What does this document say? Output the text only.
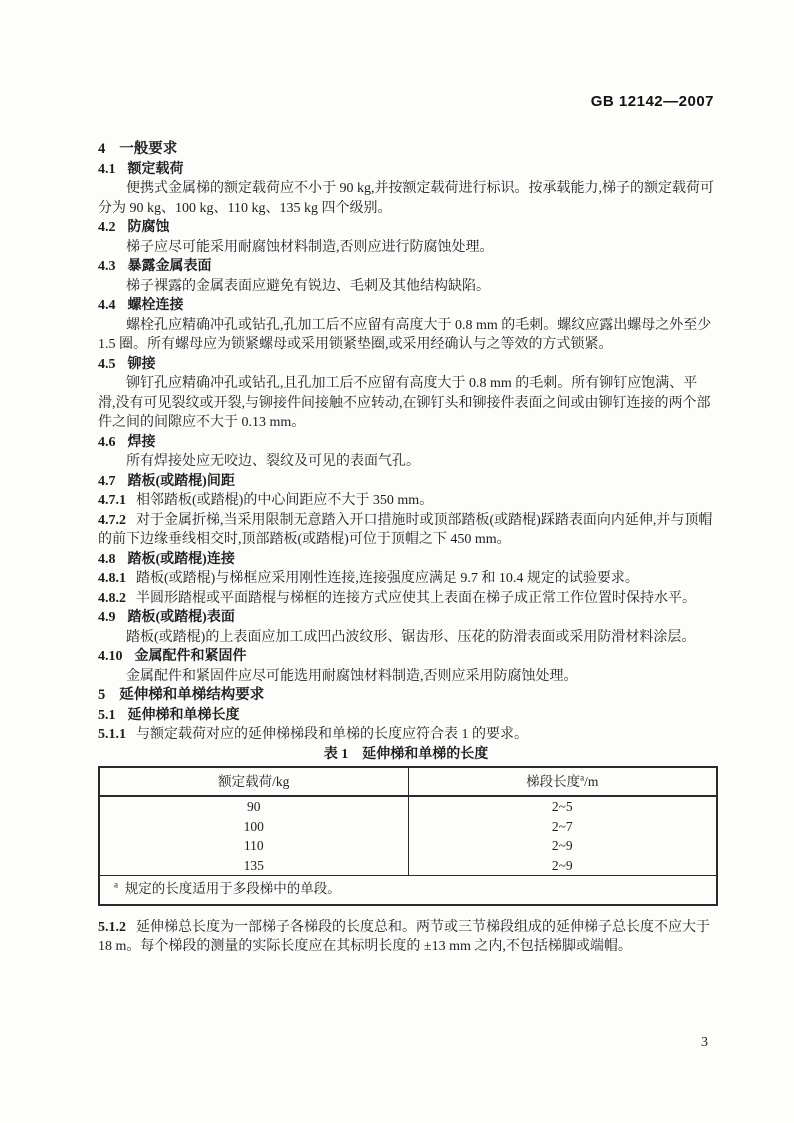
GB 12142—2007

4 一般要求

4.1 额定载荷

便携式金属梯的额定载荷应不小于 90 kg,并按额定载荷进行标识。按承载能力,梯子的额定载荷可分为 90 kg、100 kg、110 kg、135 kg 四个级别。

4.2 防腐蚀

梯子应尽可能采用耐腐蚀材料制造,否则应进行防腐蚀处理。

4.3 暴露金属表面

梯子裸露的金属表面应避免有锐边、毛刺及其他结构缺陷。

4.4 螺栓连接

螺栓孔应精确冲孔或钻孔,孔加工后不应留有高度大于 0.8 mm 的毛刺。螺纹应露出螺母之外至少 1.5 圈。所有螺母应为锁紧螺母或采用锁紧垫圈,或采用经确认与之等效的方式锁紧。

4.5 铆接

铆钉孔应精确冲孔或钻孔,且孔加工后不应留有高度大于 0.8 mm 的毛刺。所有铆钉应饱满、平滑,没有可见裂纹或开裂,与铆接件间接触不应转动,在铆钉头和铆接件表面之间或由铆钉连接的两个部件之间的间隙应不大于 0.13 mm。

4.6 焊接

所有焊接处应无咬边、裂纹及可见的表面气孔。

4.7 踏板(或踏棍)间距

4.7.1 相邻踏板(或踏棍)的中心间距应不大于 350 mm。

4.7.2 对于金属折梯,当采用限制无意踏入开口措施时或顶部踏板(或踏棍)踩踏表面向内延伸,并与顶帽的前下边缘垂线相交时,顶部踏板(或踏棍)可位于顶帽之下 450 mm。

4.8 踏板(或踏棍)连接

4.8.1 踏板(或踏棍)与梯框应采用刚性连接,连接强度应满足 9.7 和 10.4 规定的试验要求。

4.8.2 半圆形踏棍或平面踏棍与梯框的连接方式应使其上表面在梯子成正常工作位置时保持水平。

4.9 踏板(或踏棍)表面

踏板(或踏棍)的上表面应加工成凹凸波纹形、锯齿形、压花的防滑表面或采用防滑材料涂层。

4.10 金属配件和紧固件

金属配件和紧固件应尽可能选用耐腐蚀材料制造,否则应采用防腐蚀处理。

5 延伸梯和单梯结构要求

5.1 延伸梯和单梯长度

5.1.1 与额定载荷对应的延伸梯梯段和单梯的长度应符合表 1 的要求。

表 1 延伸梯和单梯的长度

额定载荷/kg	梯段长度$^a$/m
90	2~5
100	2~7
110	2~9
135	2~9
$^a$ 规定的长度适用于多段梯中的单段。	

5.1.2 延伸梯总长度为一部梯子各梯段的长度总和。两节或三节梯段组成的延伸梯子总长度不应大于 18 m。每个梯段的测量的实际长度应在其标明长度的 ±13 mm 之内,不包括梯脚或端帽。

3
